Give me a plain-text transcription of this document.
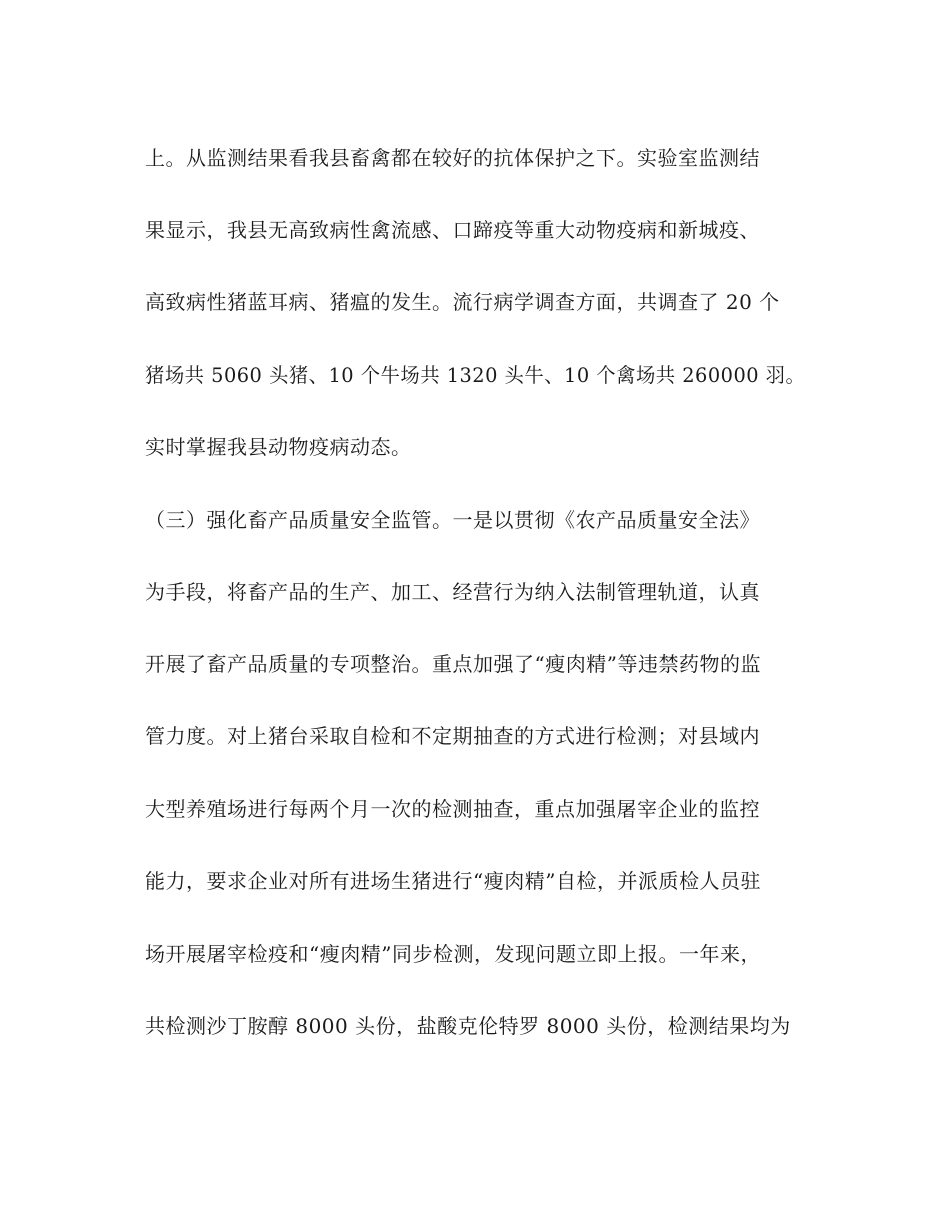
上。从监测结果看我县畜禽都在较好的抗体保护之下。实验室监测结
果显示，我县无高致病性禽流感、口蹄疫等重大动物疫病和新城疫、
高致病性猪蓝耳病、猪瘟的发生。流行病学调查方面，共调查了 20 个
猪场共 5060 头猪、10 个牛场共 1320 头牛、10 个禽场共 260000 羽。
实时掌握我县动物疫病动态。
（三）强化畜产品质量安全监管。一是以贯彻《农产品质量安全法》
为手段，将畜产品的生产、加工、经营行为纳入法制管理轨道，认真
开展了畜产品质量的专项整治。重点加强了“瘦肉精”等违禁药物的监
管力度。对上猪台采取自检和不定期抽查的方式进行检测；对县域内
大型养殖场进行每两个月一次的检测抽查，重点加强屠宰企业的监控
能力，要求企业对所有进场生猪进行“瘦肉精”自检，并派质检人员驻
场开展屠宰检疫和“瘦肉精”同步检测，发现问题立即上报。一年来，
共检测沙丁胺醇 8000 头份，盐酸克伦特罗 8000 头份，检测结果均为
